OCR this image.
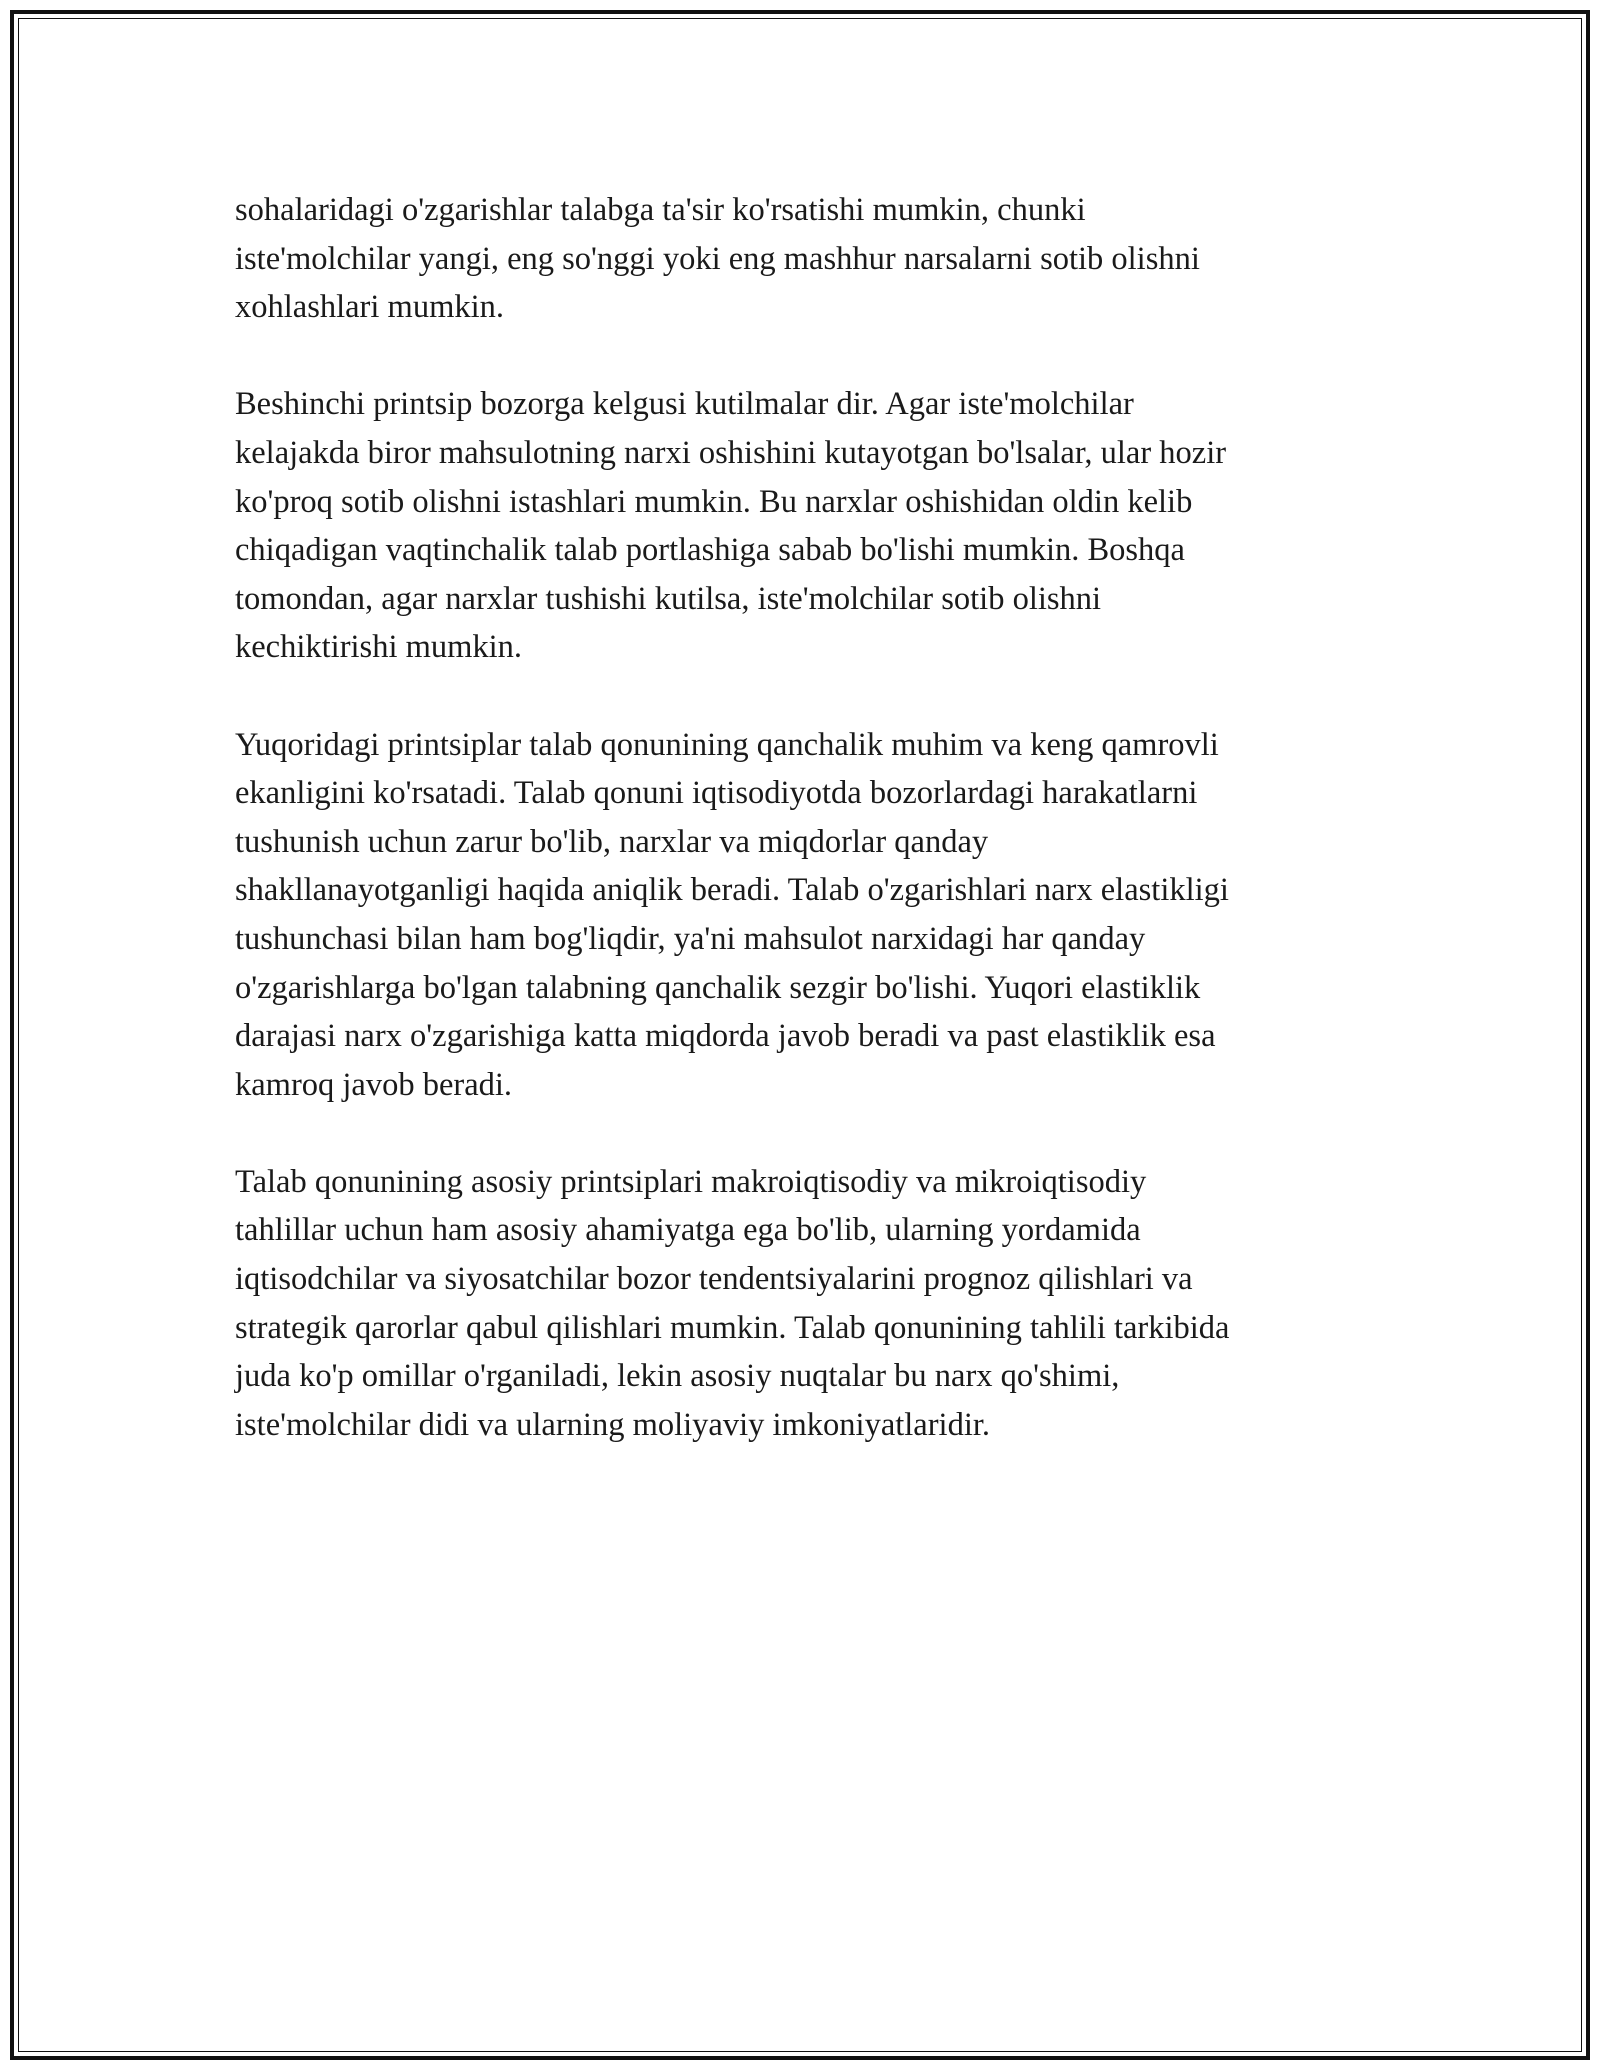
sohalaridagi o'zgarishlar talabga ta'sir ko'rsatishi mumkin, chunki
iste'molchilar yangi, eng so'nggi yoki eng mashhur narsalarni sotib olishni
xohlashlari mumkin.
Beshinchi printsip bozorga kelgusi kutilmalar dir. Agar iste'molchilar
kelajakda biror mahsulotning narxi oshishini kutayotgan bo'lsalar, ular hozir
ko'proq sotib olishni istashlari mumkin. Bu narxlar oshishidan oldin kelib
chiqadigan vaqtinchalik talab portlashiga sabab bo'lishi mumkin. Boshqa
tomondan, agar narxlar tushishi kutilsa, iste'molchilar sotib olishni
kechiktirishi mumkin.
Yuqoridagi printsiplar talab qonunining qanchalik muhim va keng qamrovli
ekanligini ko'rsatadi. Talab qonuni iqtisodiyotda bozorlardagi harakatlarni
tushunish uchun zarur bo'lib, narxlar va miqdorlar qanday
shakllanayotganligi haqida aniqlik beradi. Talab o'zgarishlari narx elastikligi
tushunchasi bilan ham bog'liqdir, ya'ni mahsulot narxidagi har qanday
o'zgarishlarga bo'lgan talabning qanchalik sezgir bo'lishi. Yuqori elastiklik
darajasi narx o'zgarishiga katta miqdorda javob beradi va past elastiklik esa
kamroq javob beradi.
Talab qonunining asosiy printsiplari makroiqtisodiy va mikroiqtisodiy
tahlillar uchun ham asosiy ahamiyatga ega bo'lib, ularning yordamida
iqtisodchilar va siyosatchilar bozor tendentsiyalarini prognoz qilishlari va
strategik qarorlar qabul qilishlari mumkin. Talab qonunining tahlili tarkibida
juda ko'p omillar o'rganiladi, lekin asosiy nuqtalar bu narx qo'shimi,
iste'molchilar didi va ularning moliyaviy imkoniyatlaridir.
